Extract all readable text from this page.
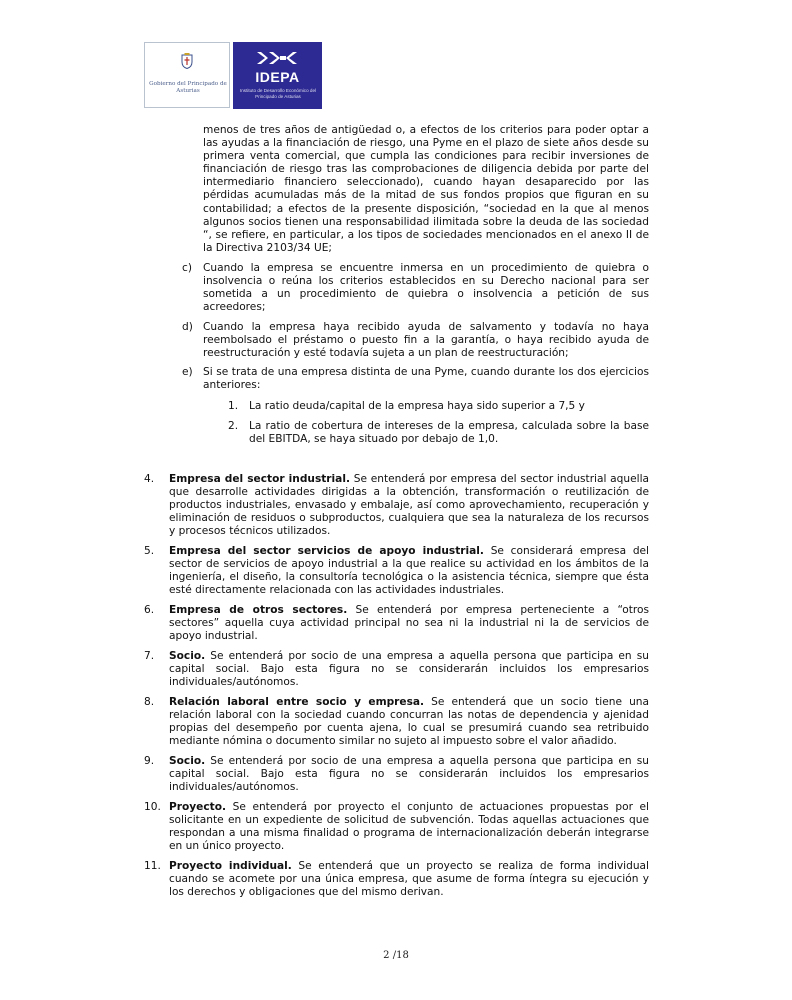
Gobierno del Principado de Asturias
IDEPA
Instituto de Desarrollo Económico del Principado de Asturias

menos de tres años de antigüedad o, a efectos de los criterios para poder optar a las ayudas a la financiación de riesgo, una Pyme en el plazo de siete años desde su primera venta comercial, que cumpla las condiciones para recibir inversiones de financiación de riesgo tras las comprobaciones de diligencia debida por parte del intermediario financiero seleccionado), cuando hayan desaparecido por las pérdidas acumuladas más de la mitad de sus fondos propios que figuran en su contabilidad; a efectos de la presente disposición, “sociedad en la que al menos algunos socios tienen una responsabilidad ilimitada sobre la deuda de las sociedad “, se refiere, en particular, a los tipos de sociedades mencionados en el anexo II de la Directiva 2103/34 UE;

c) Cuando la empresa se encuentre inmersa en un procedimiento de quiebra o insolvencia o reúna los criterios establecidos en su Derecho nacional para ser sometida a un procedimiento de quiebra o insolvencia a petición de sus acreedores;

d) Cuando la empresa haya recibido ayuda de salvamento y todavía no haya reembolsado el préstamo o puesto fin a la garantía, o haya recibido ayuda de reestructuración y esté todavía sujeta a un plan de reestructuración;

e) Si se trata de una empresa distinta de una Pyme, cuando durante los dos ejercicios anteriores:

1. La ratio deuda/capital de la empresa haya sido superior a 7,5 y

2. La ratio de cobertura de intereses de la empresa, calculada sobre la base del EBITDA, se haya situado por debajo de 1,0.

4. Empresa del sector industrial. Se entenderá por empresa del sector industrial aquella que desarrolle actividades dirigidas a la obtención, transformación o reutilización de productos industriales, envasado y embalaje, así como aprovechamiento, recuperación y eliminación de residuos o subproductos, cualquiera que sea la naturaleza de los recursos y procesos técnicos utilizados.

5. Empresa del sector servicios de apoyo industrial. Se considerará empresa del sector de servicios de apoyo industrial a la que realice su actividad en los ámbitos de la ingeniería, el diseño, la consultoría tecnológica o la asistencia técnica, siempre que ésta esté directamente relacionada con las actividades industriales.

6. Empresa de otros sectores. Se entenderá por empresa perteneciente a “otros sectores” aquella cuya actividad principal no sea ni la industrial ni la de servicios de apoyo industrial.

7. Socio. Se entenderá por socio de una empresa a aquella persona que participa en su capital social. Bajo esta figura no se considerarán incluidos los empresarios individuales/autónomos.

8. Relación laboral entre socio y empresa. Se entenderá que un socio tiene una relación laboral con la sociedad cuando concurran las notas de dependencia y ajenidad propias del desempeño por cuenta ajena, lo cual se presumirá cuando sea retribuido mediante nómina o documento similar no sujeto al impuesto sobre el valor añadido.

9. Socio. Se entenderá por socio de una empresa a aquella persona que participa en su capital social. Bajo esta figura no se considerarán incluidos los empresarios individuales/autónomos.

10. Proyecto. Se entenderá por proyecto el conjunto de actuaciones propuestas por el solicitante en un expediente de solicitud de subvención. Todas aquellas actuaciones que respondan a una misma finalidad o programa de internacionalización deberán integrarse en un único proyecto.

11. Proyecto individual. Se entenderá que un proyecto se realiza de forma individual cuando se acomete por una única empresa, que asume de forma íntegra su ejecución y los derechos y obligaciones que del mismo derivan.

2 /18
